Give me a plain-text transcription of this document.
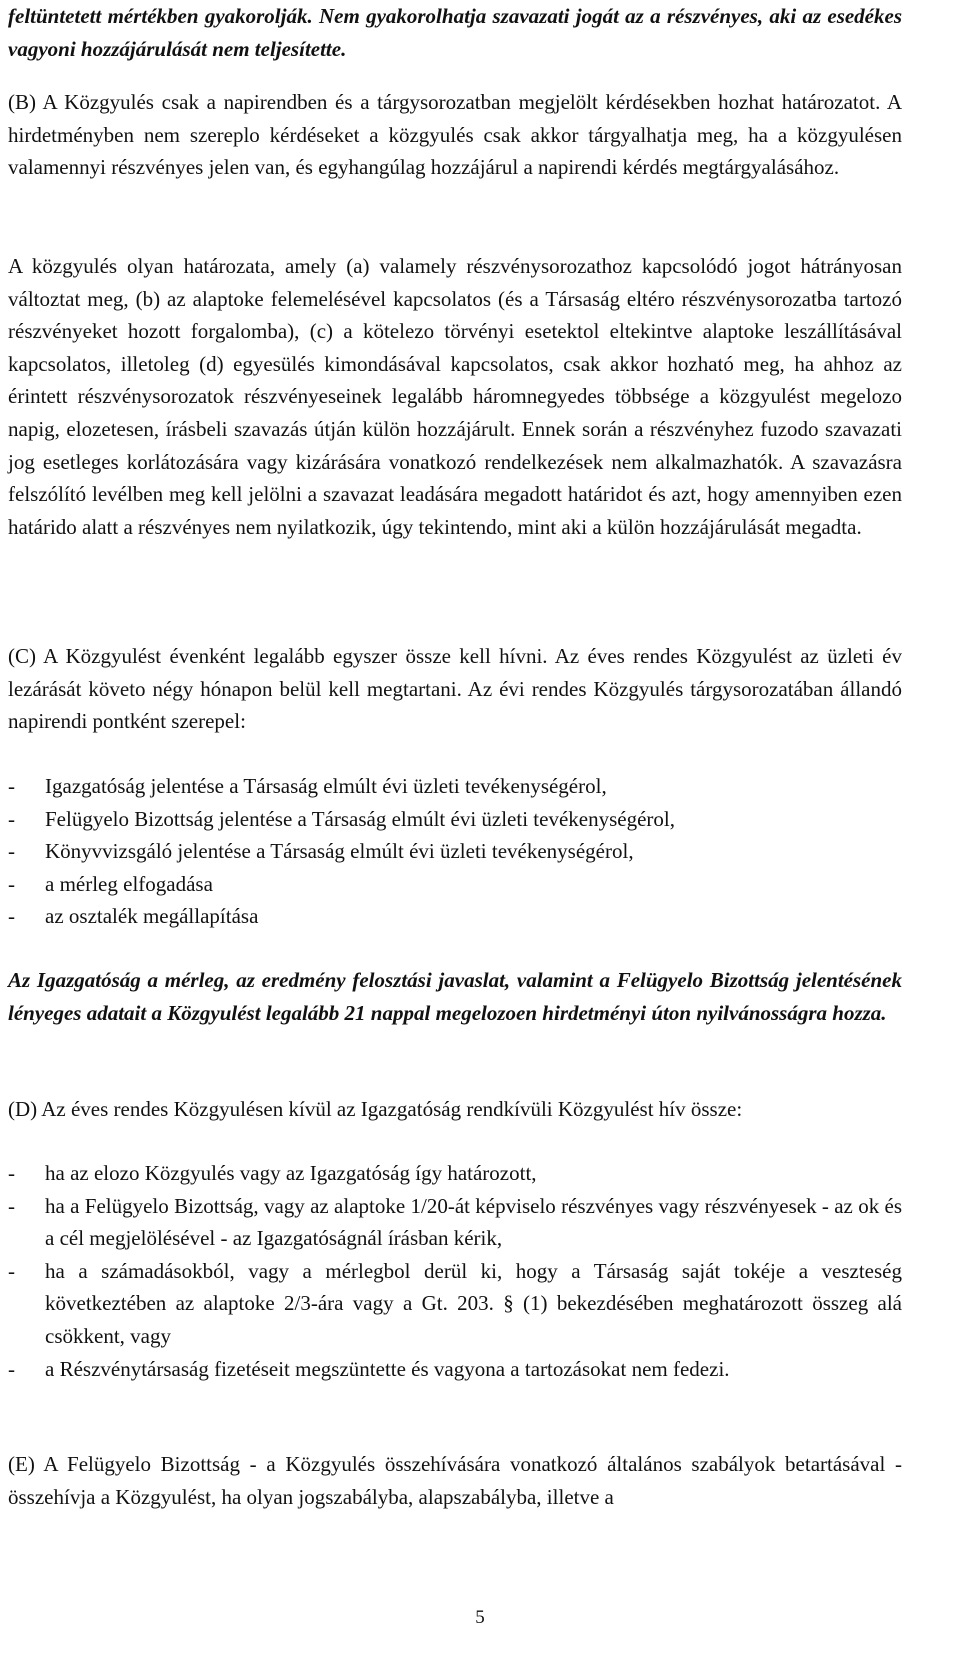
feltüntetett mértékben gyakorolják. Nem gyakorolhatja szavazati jogát az a részvényes, aki az esedékes vagyoni hozzájárulását nem teljesítette.

(B) A Közgyulés csak a napirendben és a tárgysorozatban megjelölt kérdésekben hozhat határozatot. A hirdetményben nem szereplo kérdéseket a közgyulés csak akkor tárgyalhatja meg, ha a közgyulésen valamennyi részvényes jelen van, és egyhangúlag hozzájárul a napirendi kérdés megtárgyalásához.

A közgyulés olyan határozata, amely (a) valamely részvénysorozathoz kapcsolódó jogot hátrányosan változtat meg, (b) az alaptoke felemelésével kapcsolatos (és a Társaság eltéro részvénysorozatba tartozó részvényeket hozott forgalomba), (c) a kötelezo törvényi esetektol eltekintve alaptoke leszállításával kapcsolatos, illetoleg (d) egyesülés kimondásával kapcsolatos, csak akkor hozható meg, ha ahhoz az érintett részvénysorozatok részvényeseinek legalább háromnegyedes többsége a közgyulést megelozo napig, elozetesen, írásbeli szavazás útján külön hozzájárult. Ennek során a részvényhez fuzodo szavazati jog esetleges korlátozására vagy kizárására vonatkozó rendelkezések nem alkalmazhatók. A szavazásra felszólító levélben meg kell jelölni a szavazat leadására megadott határidot és azt, hogy amennyiben ezen határido alatt a részvényes nem nyilatkozik, úgy tekintendo, mint aki a külön hozzájárulását megadta.

(C) A Közgyulést évenként legalább egyszer össze kell hívni. Az éves rendes Közgyulést az üzleti év lezárását követo négy hónapon belül kell megtartani. Az évi rendes Közgyulés tárgysorozatában állandó napirendi pontként szerepel:

- Igazgatóság jelentése a Társaság elmúlt évi üzleti tevékenységérol,
- Felügyelo Bizottság jelentése a Társaság elmúlt évi üzleti tevékenységérol,
- Könyvvizsgáló jelentése a Társaság elmúlt évi üzleti tevékenységérol,
- a mérleg elfogadása
- az osztalék megállapítása

Az Igazgatóság a mérleg, az eredmény felosztási javaslat, valamint a Felügyelo Bizottság jelentésének lényeges adatait a Közgyulést legalább 21 nappal megelozoen hirdetményi úton nyilvánosságra hozza.

(D) Az éves rendes Közgyulésen kívül az Igazgatóság rendkívüli Közgyulést hív össze:

- ha az elozo Közgyulés vagy az Igazgatóság így határozott,
- ha a Felügyelo Bizottság, vagy az alaptoke 1/20-át képviselo részvényes vagy részvényesek - az ok és a cél megjelölésével - az Igazgatóságnál írásban kérik,
- ha a számadásokból, vagy a mérlegbol derül ki, hogy a Társaság saját tokéje a veszteség következtében az alaptoke 2/3-ára vagy a Gt. 203. § (1) bekezdésében meghatározott összeg alá csökkent, vagy
- a Részvénytársaság fizetéseit megszüntette és vagyona a tartozásokat nem fedezi.

(E) A Felügyelo Bizottság - a Közgyulés összehívására vonatkozó általános szabályok betartásával - összehívja a Közgyulést, ha olyan jogszabályba, alapszabályba, illetve a

5
